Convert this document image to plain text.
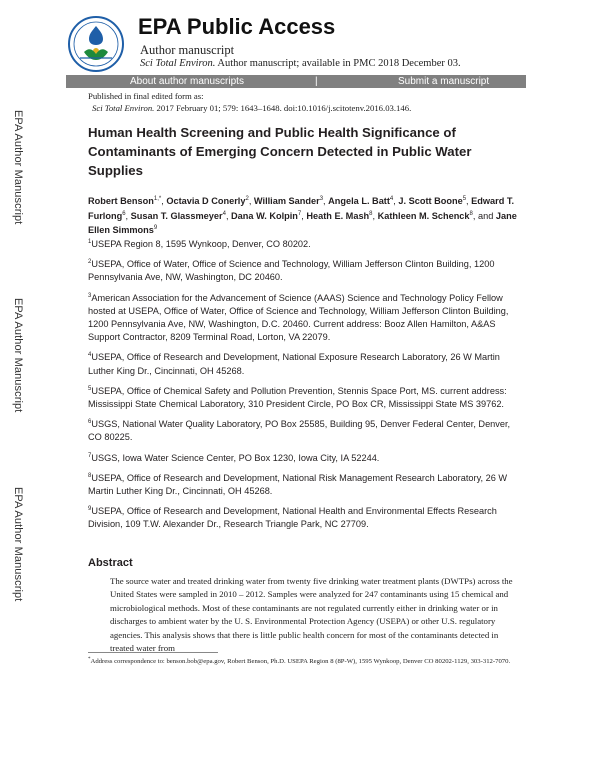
EPA Public Access
Author manuscript
Sci Total Environ. Author manuscript; available in PMC 2018 December 03.
About author manuscripts	|	Submit a manuscript
Published in final edited form as:
Sci Total Environ. 2017 February 01; 579: 1643–1648. doi:10.1016/j.scitotenv.2016.03.146.
EPA Author Manuscript
EPA Author Manuscript
EPA Author Manuscript
Human Health Screening and Public Health Significance of Contaminants of Emerging Concern Detected in Public Water Supplies
Robert Benson$^{1,*}$, Octavia D Conerly$^2$, William Sander$^3$, Angela L. Batt$^4$, J. Scott Boone$^5$, Edward T. Furlong$^6$, Susan T. Glassmeyer$^4$, Dana W. Kolpin$^7$, Heath E. Mash$^8$, Kathleen M. Schenck$^8$, and Jane Ellen Simmons$^9$
$^1$USEPA Region 8, 1595 Wynkoop, Denver, CO 80202.
$^2$USEPA, Office of Water, Office of Science and Technology, William Jefferson Clinton Building, 1200 Pennsylvania Ave, NW, Washington, DC 20460.
$^3$American Association for the Advancement of Science (AAAS) Science and Technology Policy Fellow hosted at USEPA, Office of Water, Office of Science and Technology, William Jefferson Clinton Building, 1200 Pennsylvania Ave, NW, Washington, D.C. 20460. Current address: Booz Allen Hamilton, A&AS Support Contractor, 8209 Terminal Road, Lorton, VA 22079.
$^4$USEPA, Office of Research and Development, National Exposure Research Laboratory, 26 W Martin Luther King Dr., Cincinnati, OH 45268.
$^5$USEPA, Office of Chemical Safety and Pollution Prevention, Stennis Space Port, MS. current address: Mississippi State Chemical Laboratory, 310 President Circle, PO Box CR, Mississippi State MS 39762.
$^6$USGS, National Water Quality Laboratory, PO Box 25585, Building 95, Denver Federal Center, Denver, CO 80225.
$^7$USGS, Iowa Water Science Center, PO Box 1230, Iowa City, IA 52244.
$^8$USEPA, Office of Research and Development, National Risk Management Research Laboratory, 26 W Martin Luther King Dr., Cincinnati, OH 45268.
$^9$USEPA, Office of Research and Development, National Health and Environmental Effects Research Division, 109 T.W. Alexander Dr., Research Triangle Park, NC 27709.
Abstract
The source water and treated drinking water from twenty five drinking water treatment plants (DWTPs) across the United States were sampled in 2010 – 2012. Samples were analyzed for 247 contaminants using 15 chemical and microbiological methods. Most of these contaminants are not regulated currently either in drinking water or in discharges to ambient water by the U. S. Environmental Protection Agency (USEPA) or other U.S. regulatory agencies. This analysis shows that there is little public health concern for most of the contaminants detected in treated water from
*Address correspondence to: benson.bob@epa.gov, Robert Benson, Ph.D. USEPA Region 8 (8P-W), 1595 Wynkoop, Denver CO 80202-1129, 303-312-7070.
